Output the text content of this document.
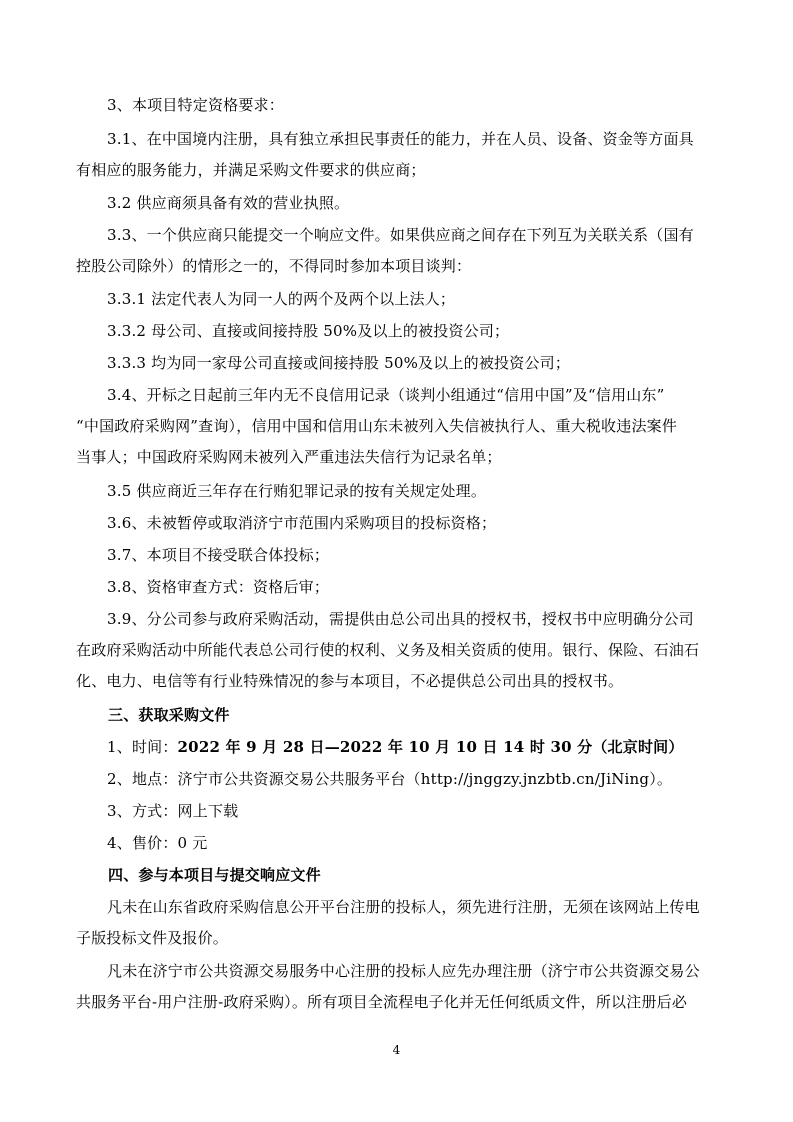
3、本项目特定资格要求：
3.1、在中国境内注册，具有独立承担民事责任的能力，并在人员、设备、资金等方面具
有相应的服务能力，并满足采购文件要求的供应商；
3.2 供应商须具备有效的营业执照。
3.3、一个供应商只能提交一个响应文件。如果供应商之间存在下列互为关联关系（国有
控股公司除外）的情形之一的，不得同时参加本项目谈判：
3.3.1 法定代表人为同一人的两个及两个以上法人；
3.3.2 母公司、直接或间接持股 50%及以上的被投资公司；
3.3.3 均为同一家母公司直接或间接持股 50%及以上的被投资公司；
3.4、开标之日起前三年内无不良信用记录（谈判小组通过“信用中国”及“信用山东”
“中国政府采购网”查询），信用中国和信用山东未被列入失信被执行人、重大税收违法案件
当事人；中国政府采购网未被列入严重违法失信行为记录名单；
3.5 供应商近三年存在行贿犯罪记录的按有关规定处理。
3.6、未被暂停或取消济宁市范围内采购项目的投标资格；
3.7、本项目不接受联合体投标；
3.8、资格审查方式：资格后审；
3.9、分公司参与政府采购活动，需提供由总公司出具的授权书，授权书中应明确分公司
在政府采购活动中所能代表总公司行使的权利、义务及相关资质的使用。银行、保险、石油石
化、电力、电信等有行业特殊情况的参与本项目，不必提供总公司出具的授权书。
三、获取采购文件
1、时间：2022 年 9 月 28 日—2022 年 10 月 10 日 14 时 30 分（北京时间）
2、地点：济宁市公共资源交易公共服务平台（http://jnggzy.jnzbtb.cn/JiNing）。
3、方式：网上下载
4、售价：0 元
四、参与本项目与提交响应文件
凡未在山东省政府采购信息公开平台注册的投标人，须先进行注册，无须在该网站上传电
子版投标文件及报价。
凡未在济宁市公共资源交易服务中心注册的投标人应先办理注册（济宁市公共资源交易公
共服务平台-用户注册-政府采购）。所有项目全流程电子化并无任何纸质文件，所以注册后必
4
